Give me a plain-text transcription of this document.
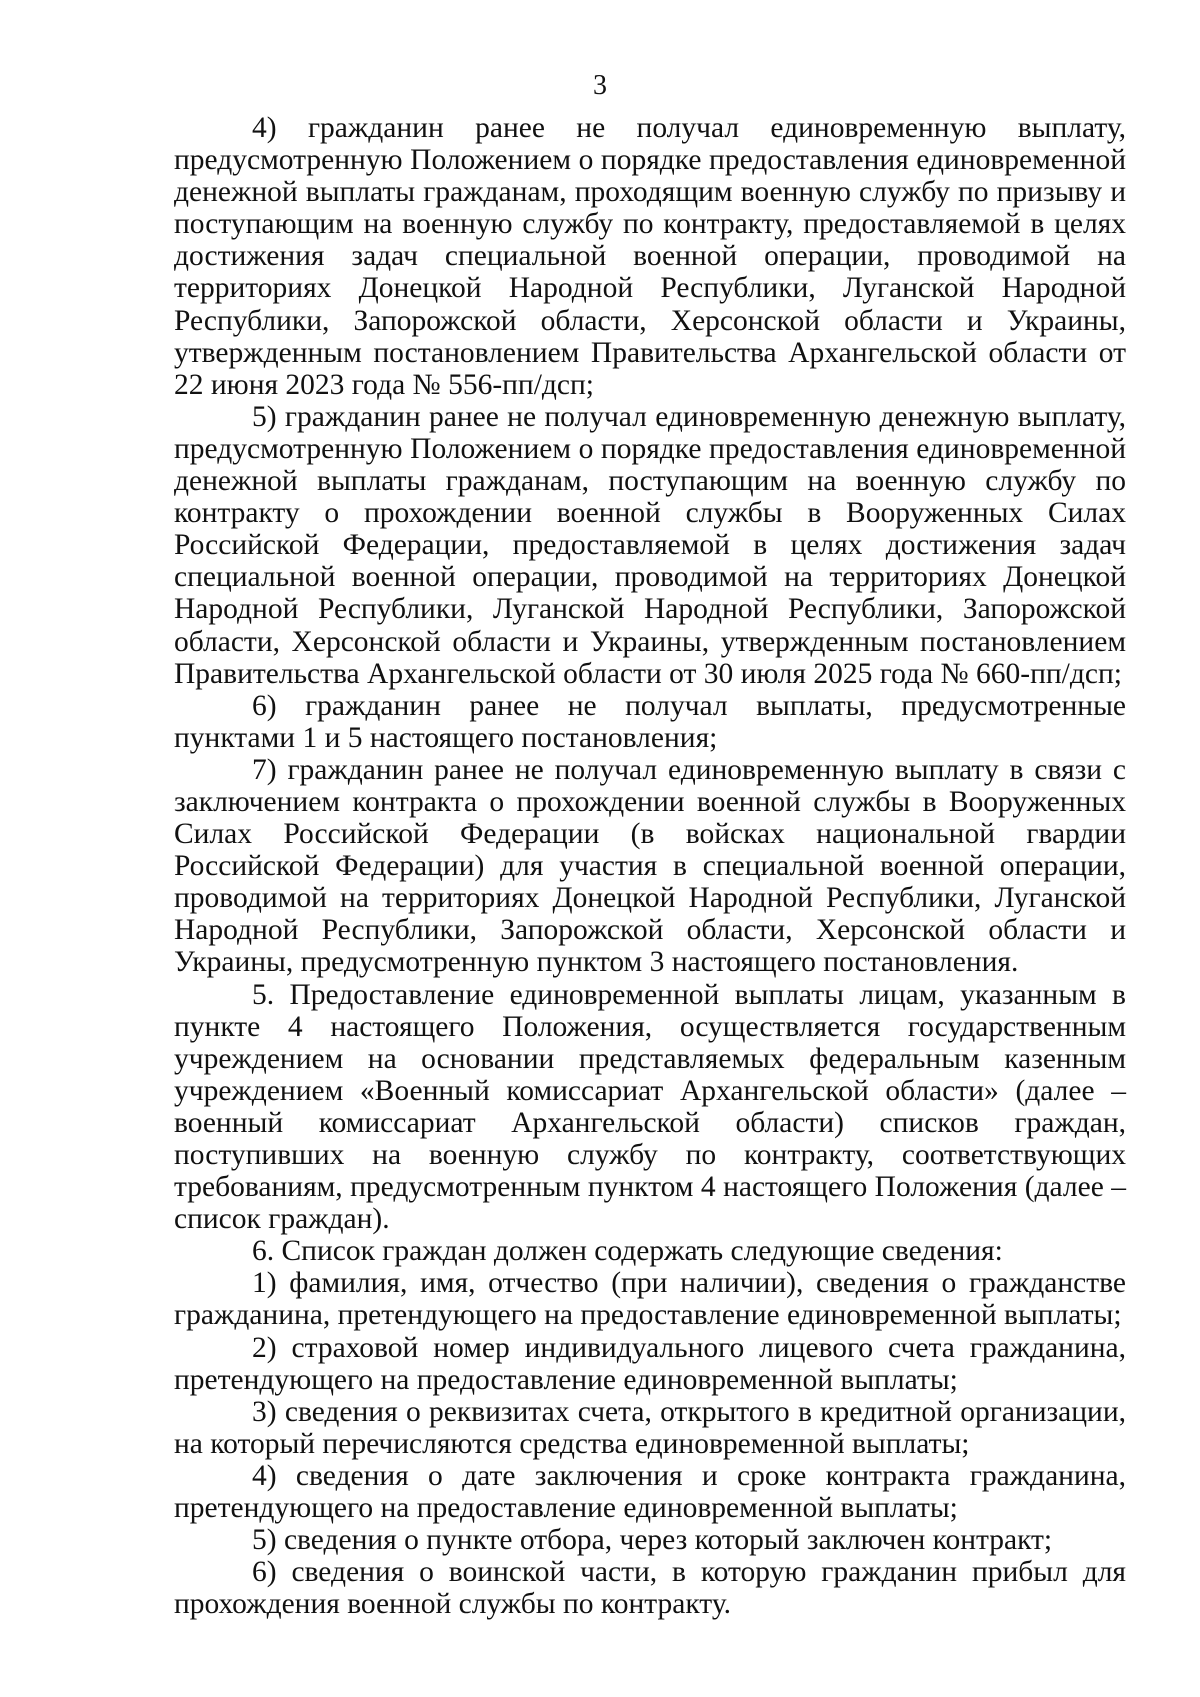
3

4) гражданин ранее не получал единовременную выплату, предусмотренную Положением о порядке предоставления единовременной денежной выплаты гражданам, проходящим военную службу по призыву и поступающим на военную службу по контракту, предоставляемой в целях достижения задач специальной военной операции, проводимой на территориях Донецкой Народной Республики, Луганской Народной Республики, Запорожской области, Херсонской области и Украины, утвержденным постановлением Правительства Архангельской области от 22 июня 2023 года № 556-пп/дсп;

5) гражданин ранее не получал единовременную денежную выплату, предусмотренную Положением о порядке предоставления единовременной денежной выплаты гражданам, поступающим на военную службу по контракту о прохождении военной службы в Вооруженных Силах Российской Федерации, предоставляемой в целях достижения задач специальной военной операции, проводимой на территориях Донецкой Народной Республики, Луганской Народной Республики, Запорожской области, Херсонской области и Украины, утвержденным постановлением Правительства Архангельской области от 30 июля 2025 года № 660-пп/дсп;

6) гражданин ранее не получал выплаты, предусмотренные пунктами 1 и 5 настоящего постановления;

7) гражданин ранее не получал единовременную выплату в связи с заключением контракта о прохождении военной службы в Вооруженных Силах Российской Федерации (в войсках национальной гвардии Российской Федерации) для участия в специальной военной операции, проводимой на территориях Донецкой Народной Республики, Луганской Народной Республики, Запорожской области, Херсонской области и Украины, предусмотренную пунктом 3 настоящего постановления.

5. Предоставление единовременной выплаты лицам, указанным в пункте 4 настоящего Положения, осуществляется государственным учреждением на основании представляемых федеральным казенным учреждением «Военный комиссариат Архангельской области» (далее – военный комиссариат Архангельской области) списков граждан, поступивших на военную службу по контракту, соответствующих требованиям, предусмотренным пунктом 4 настоящего Положения (далее – список граждан).

6. Список граждан должен содержать следующие сведения:

1) фамилия, имя, отчество (при наличии), сведения о гражданстве гражданина, претендующего на предоставление единовременной выплаты;

2) страховой номер индивидуального лицевого счета гражданина, претендующего на предоставление единовременной выплаты;

3) сведения о реквизитах счета, открытого в кредитной организации, на который перечисляются средства единовременной выплаты;

4) сведения о дате заключения и сроке контракта гражданина, претендующего на предоставление единовременной выплаты;

5) сведения о пункте отбора, через который заключен контракт;

6) сведения о воинской части, в которую гражданин прибыл для прохождения военной службы по контракту.
